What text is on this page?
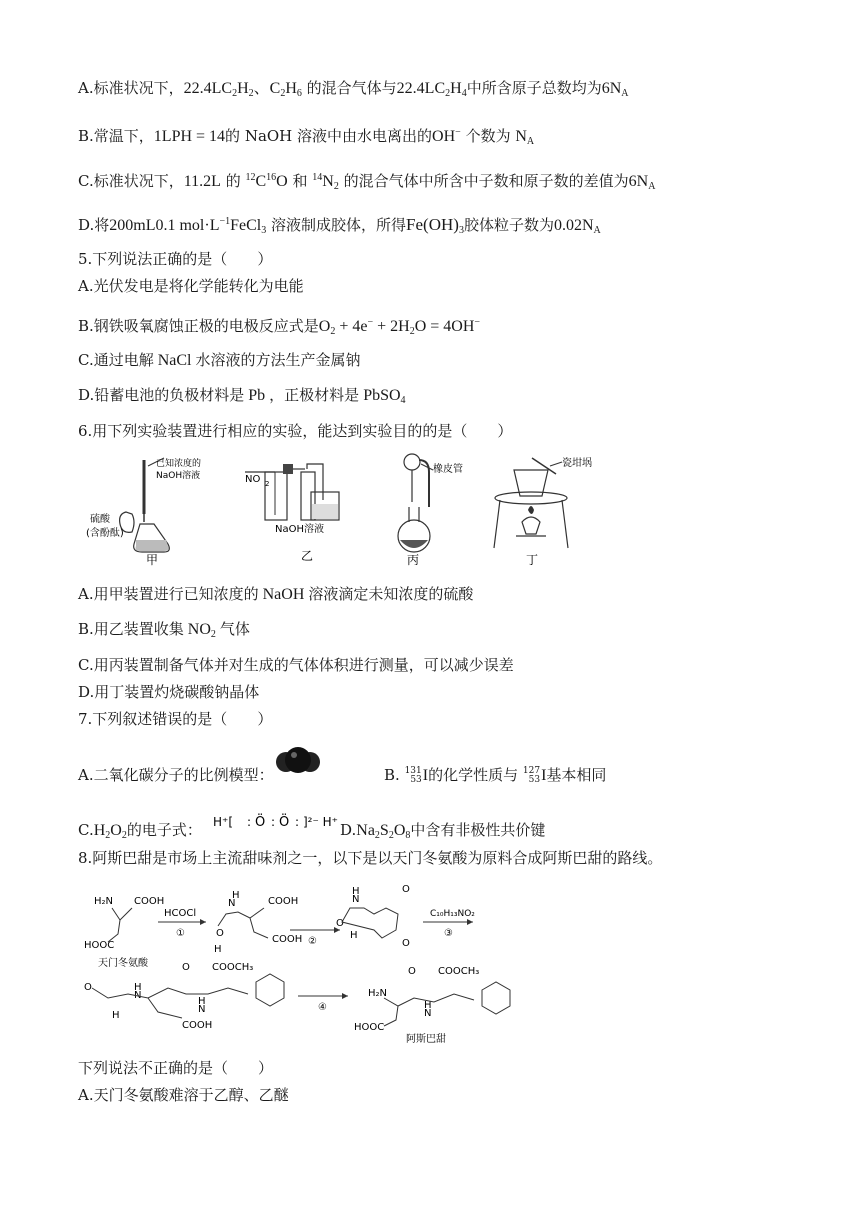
A.标准状况下，$22.4LC_2H_2$、$C_2H_6$ 的混合气体与$22.4LC_2H_4$中所含原子总数均为$6N_A$
B.常温下，1LPH = 14的 NaOH 溶液中由水电离出的OH− 个数为 $N_A$
C.标准状况下，11.2L 的 $^{12}C^{16}O$ 和 $^{14}N_2$ 的混合气体中所含中子数和原子数的差值为$6N_A$
D.将200mL0.1 $mol\cdot L^{-1}FeCl_3$ 溶液制成胶体，所得$Fe(OH)_3$胶体粒子数为$0.02N_A$
5.下列说法正确的是（　　）
A.光伏发电是将化学能转化为电能
B.钢铁吸氧腐蚀正极的电极反应式是$O_2 + 4e^- + 2H_2O = 4OH^-$
C.通过电解 NaCl 水溶液的方法生产金属钠
D.铅蓄电池的负极材料是 Pb ，正极材料是 PbSO$_4$
6.用下列实验装置进行相应的实验，能达到实验目的的是（　　）
已知浓度的
NaOH溶液
硫酸
(含酚酞)
甲
NO 2
NaOH溶液
乙
橡皮管
丙
瓷坩埚
丁
A.用甲装置进行已知浓度的 NaOH 溶液滴定未知浓度的硫酸
B.用乙装置收集 $NO_2$ 气体
C.用丙装置制备气体并对生成的气体体积进行测量，可以减少误差
D.用丁装置灼烧碳酸钠晶体
7.下列叙述错误的是（　　）
A.二氧化碳分子的比例模型：	B. 131
53I的化学性质与 127
53I基本相同
$C.H_2O_2$的电子式： H⁺[ : Ö : Ö : ]²⁻ H⁺ $D.Na_2S_2O_8$中含有非极性共价键
8.阿斯巴甜是市场上主流甜味剂之一，以下是以天门冬氨酸为原料合成阿斯巴甜的路线。
H₂N COOH
HOOC
天门冬氨酸
HCOCl
①	O
H
H
N	COOH
COOH ②
H
N
H
O
O
O
C₁₀H₁₃NO₂
③
O	H
N
H
O
H
N
COOCH₃
COOH
④
H₂N
O
H
N
COOCH₃
HOOC
阿斯巴甜
下列说法不正确的是（　　）
A.天门冬氨酸难溶于乙醇、乙醚
